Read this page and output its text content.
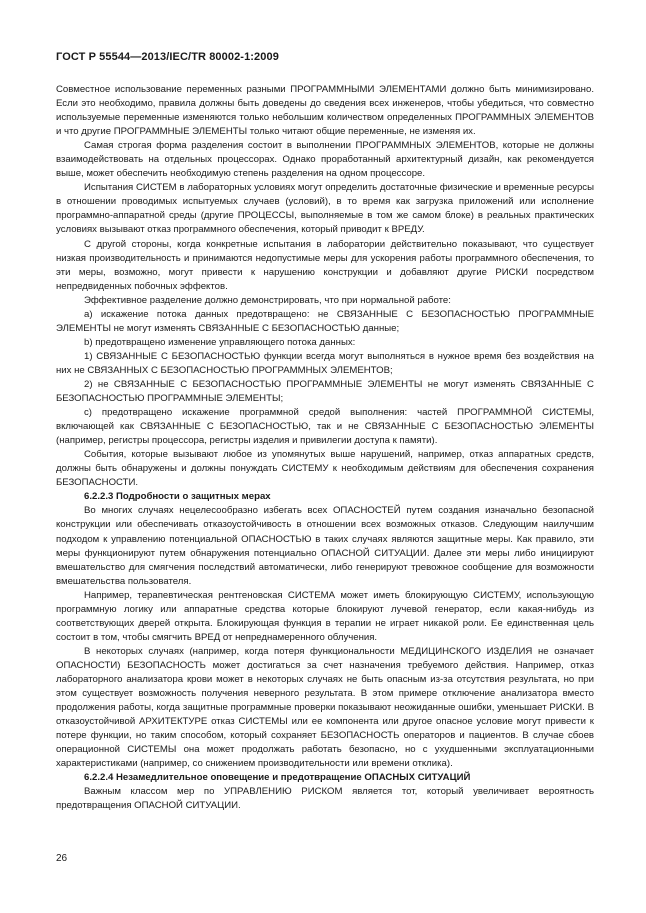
ГОСТ Р 55544—2013/IEC/TR 80002-1:2009

Совместное использование переменных разными ПРОГРАММНЫМИ ЭЛЕМЕНТАМИ должно быть минимизировано. Если это необходимо, правила должны быть доведены до сведения всех инженеров, чтобы убедиться, что совместно используемые переменные изменяются только небольшим количеством определенных ПРОГРАММНЫХ ЭЛЕМЕНТОВ и что другие ПРОГРАММНЫЕ ЭЛЕМЕНТЫ только читают общие переменные, не изменяя их.

Самая строгая форма разделения состоит в выполнении ПРОГРАММНЫХ ЭЛЕМЕНТОВ, которые не должны взаимодействовать на отдельных процессорах. Однако проработанный архитектурный дизайн, как рекомендуется выше, может обеспечить необходимую степень разделения на одном процессоре.

Испытания СИСТЕМ в лабораторных условиях могут определить достаточные физические и временные ресурсы в отношении проводимых испытуемых случаев (условий), в то время как загрузка приложений или исполнение программно-аппаратной среды (другие ПРОЦЕССЫ, выполняемые в том же самом блоке) в реальных практических условиях вызывают отказ программного обеспечения, который приводит к ВРЕДУ.

С другой стороны, когда конкретные испытания в лаборатории действительно показывают, что существует низкая производительность и принимаются недопустимые меры для ускорения работы программного обеспечения, то эти меры, возможно, могут привести к нарушению конструкции и добавляют другие РИСКИ посредством непредвиденных побочных эффектов.

Эффективное разделение должно демонстрировать, что при нормальной работе:

а) искажение потока данных предотвращено: не СВЯЗАННЫЕ С БЕЗОПАСНОСТЬЮ ПРОГРАММНЫЕ ЭЛЕМЕНТЫ не могут изменять СВЯЗАННЫЕ С БЕЗОПАСНОСТЬЮ данные;

b) предотвращено изменение управляющего потока данных:

1) СВЯЗАННЫЕ С БЕЗОПАСНОСТЬЮ функции всегда могут выполняться в нужное время без воздействия на них не СВЯЗАННЫХ С БЕЗОПАСНОСТЬЮ ПРОГРАММНЫХ ЭЛЕМЕНТОВ;

2) не СВЯЗАННЫЕ С БЕЗОПАСНОСТЬЮ ПРОГРАММНЫЕ ЭЛЕМЕНТЫ не могут изменять СВЯЗАННЫЕ С БЕЗОПАСНОСТЬЮ ПРОГРАММНЫЕ ЭЛЕМЕНТЫ;

с) предотвращено искажение программной средой выполнения: частей ПРОГРАММНОЙ СИСТЕМЫ, включающей как СВЯЗАННЫЕ С БЕЗОПАСНОСТЬЮ, так и не СВЯЗАННЫЕ С БЕЗОПАСНОСТЬЮ ЭЛЕМЕНТЫ (например, регистры процессора, регистры изделия и привилегии доступа к памяти).

События, которые вызывают любое из упомянутых выше нарушений, например, отказ аппаратных средств, должны быть обнаружены и должны понуждать СИСТЕМУ к необходимым действиям для обеспечения сохранения БЕЗОПАСНОСТИ.

6.2.2.3 Подробности о защитных мерах

Во многих случаях нецелесообразно избегать всех ОПАСНОСТЕЙ путем создания изначально безопасной конструкции или обеспечивать отказоустойчивость в отношении всех возможных отказов. Следующим наилучшим подходом к управлению потенциальной ОПАСНОСТЬЮ в таких случаях являются защитные меры. Как правило, эти меры функционируют путем обнаружения потенциально ОПАСНОЙ СИТУАЦИИ. Далее эти меры либо инициируют вмешательство для смягчения последствий автоматически, либо генерируют тревожное сообщение для возможности вмешательства пользователя.

Например, терапевтическая рентгеновская СИСТЕМА может иметь блокирующую СИСТЕМУ, использующую программную логику или аппаратные средства которые блокируют лучевой генератор, если какая-нибудь из соответствующих дверей открыта. Блокирующая функция в терапии не играет никакой роли. Ее единственная цель состоит в том, чтобы смягчить ВРЕД от непреднамеренного облучения.

В некоторых случаях (например, когда потеря функциональности МЕДИЦИНСКОГО ИЗДЕЛИЯ не означает ОПАСНОСТИ) БЕЗОПАСНОСТЬ может достигаться за счет назначения требуемого действия. Например, отказ лабораторного анализатора крови может в некоторых случаях не быть опасным из-за отсутствия результата, но при этом существует возможность получения неверного результата. В этом примере отключение анализатора вместо продолжения работы, когда защитные программные проверки показывают неожиданные ошибки, уменьшает РИСКИ. В отказоустойчивой АРХИТЕКТУРЕ отказ СИСТЕМЫ или ее компонента или другое опасное условие могут привести к потере функции, но таким способом, который сохраняет БЕЗОПАСНОСТЬ операторов и пациентов. В случае сбоев операционной СИСТЕМЫ она может продолжать работать безопасно, но с ухудшенными эксплуатационными характеристиками (например, со снижением производительности или времени отклика).

6.2.2.4 Незамедлительное оповещение и предотвращение ОПАСНЫХ СИТУАЦИЙ

Важным классом мер по УПРАВЛЕНИЮ РИСКОМ является тот, который увеличивает вероятность предотвращения ОПАСНОЙ СИТУАЦИИ.

26
